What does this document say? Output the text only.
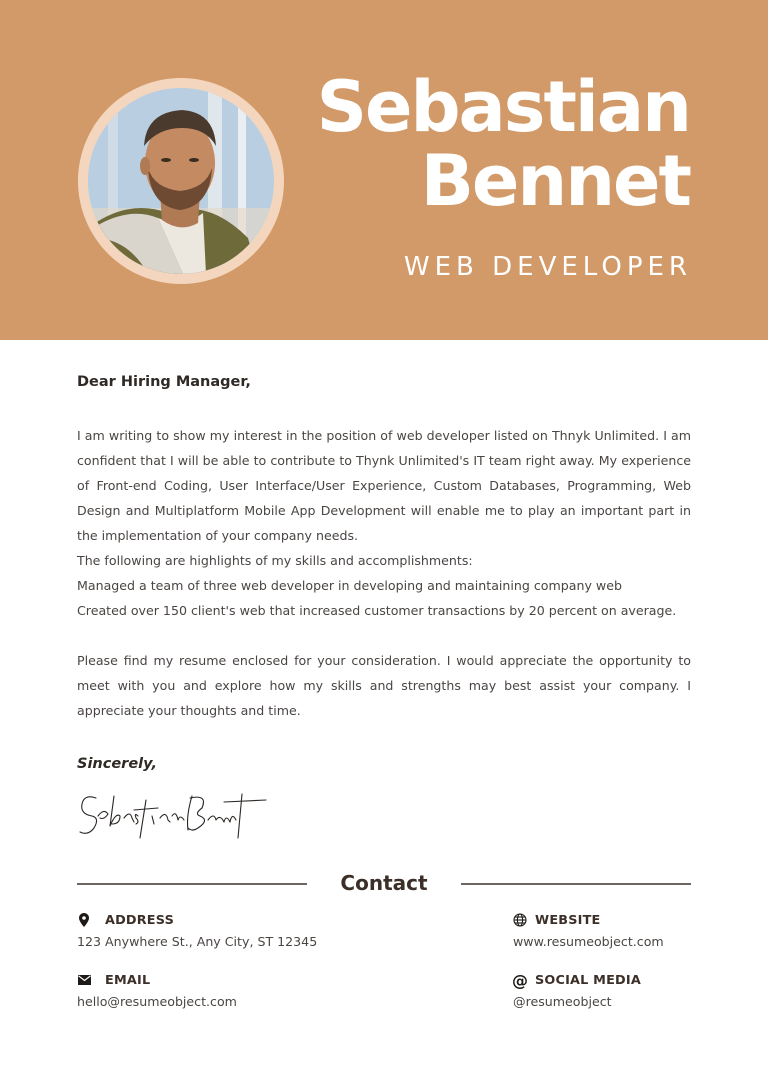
Sebastian
Bennet
WEB DEVELOPER
Dear Hiring Manager,

I am writing to show my interest in the position of web developer listed on Thnyk Unlimited. I am confident that I will be able to contribute to Thynk Unlimited's IT team right away. My experience of Front-end Coding, User Interface/User Experience, Custom Databases, Programming, Web Design and Multiplatform Mobile App Development will enable me to play an important part in the implementation of your company needs.

The following are highlights of my skills and accomplishments:

Managed a team of three web developer in developing and maintaining company web

Created over 150 client's web that increased customer transactions by 20 percent on average.

Please find my resume enclosed for your consideration. I would appreciate the opportunity to meet with you and explore how my skills and strengths may best assist your company. I appreciate your thoughts and time.

Sincerely,
Contact
ADDRESS
123 Anywhere St., Any City, ST 12345
EMAIL
hello@resumeobject.com
WEBSITE
www.resumeobject.com
@ SOCIAL MEDIA
@resumeobject
